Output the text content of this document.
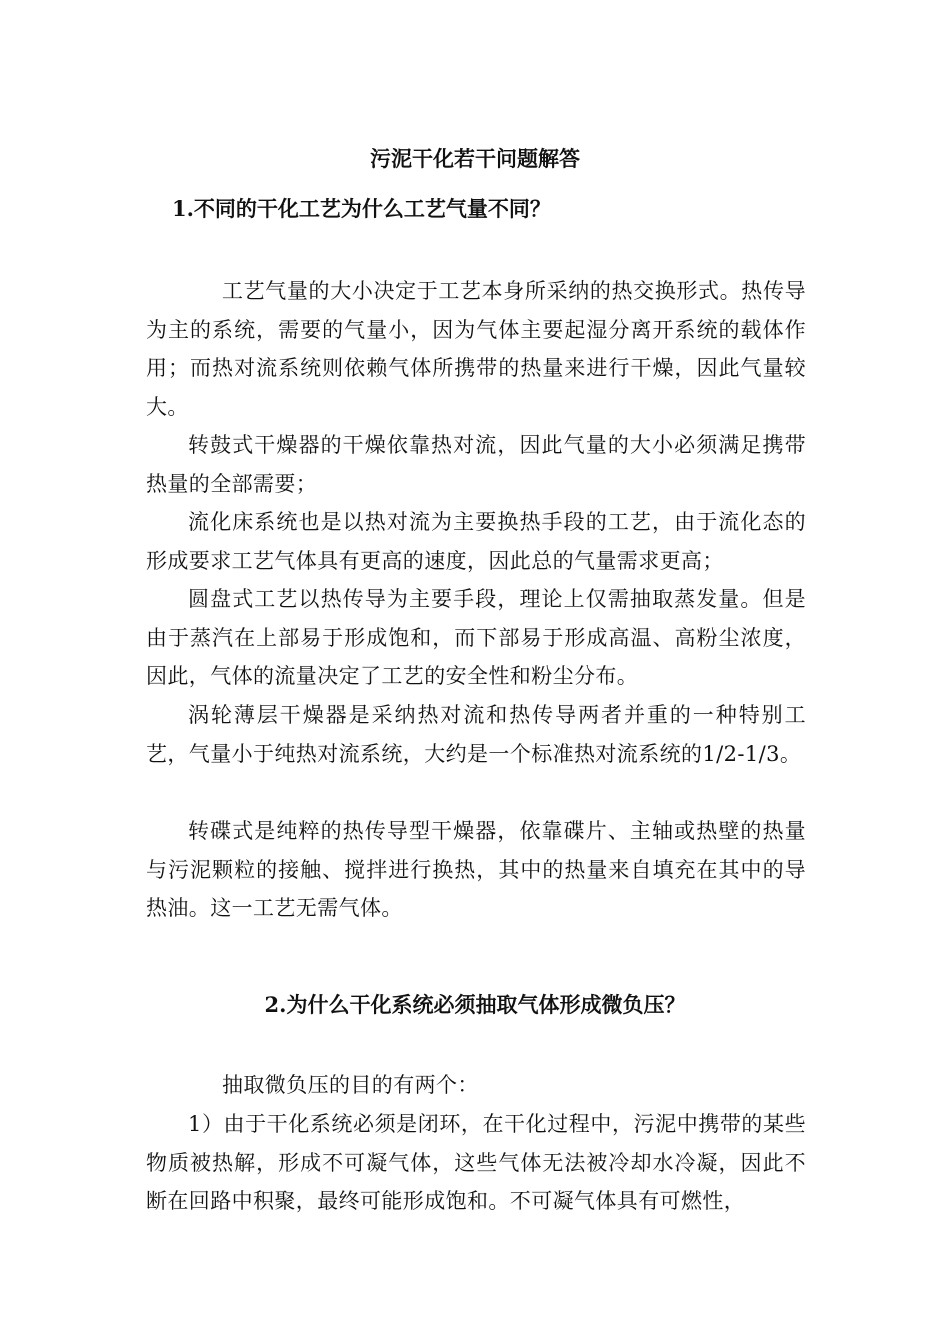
污泥干化若干问题解答
1.不同的干化工艺为什么工艺气量不同？

工艺气量的大小决定于工艺本身所采纳的热交换形式。热传导为主的系统，需要的气量小，因为气体主要起湿分离开系统的载体作用；而热对流系统则依赖气体所携带的热量来进行干燥，因此气量较大。

转鼓式干燥器的干燥依靠热对流，因此气量的大小必须满足携带热量的全部需要；

流化床系统也是以热对流为主要换热手段的工艺，由于流化态的形成要求工艺气体具有更高的速度，因此总的气量需求更高；

圆盘式工艺以热传导为主要手段，理论上仅需抽取蒸发量。但是由于蒸汽在上部易于形成饱和，而下部易于形成高温、高粉尘浓度，因此，气体的流量决定了工艺的安全性和粉尘分布。

涡轮薄层干燥器是采纳热对流和热传导两者并重的一种特别工艺，气量小于纯热对流系统，大约是一个标准热对流系统的1/2-1/3。

转碟式是纯粹的热传导型干燥器，依靠碟片、主轴或热壁的热量与污泥颗粒的接触、搅拌进行换热，其中的热量来自填充在其中的导热油。这一工艺无需气体。

2.为什么干化系统必须抽取气体形成微负压？

抽取微负压的目的有两个：

1）由于干化系统必须是闭环，在干化过程中，污泥中携带的某些物质被热解，形成不可凝气体，这些气体无法被冷却水冷凝，因此不断在回路中积聚，最终可能形成饱和。不可凝气体具有可燃性，
